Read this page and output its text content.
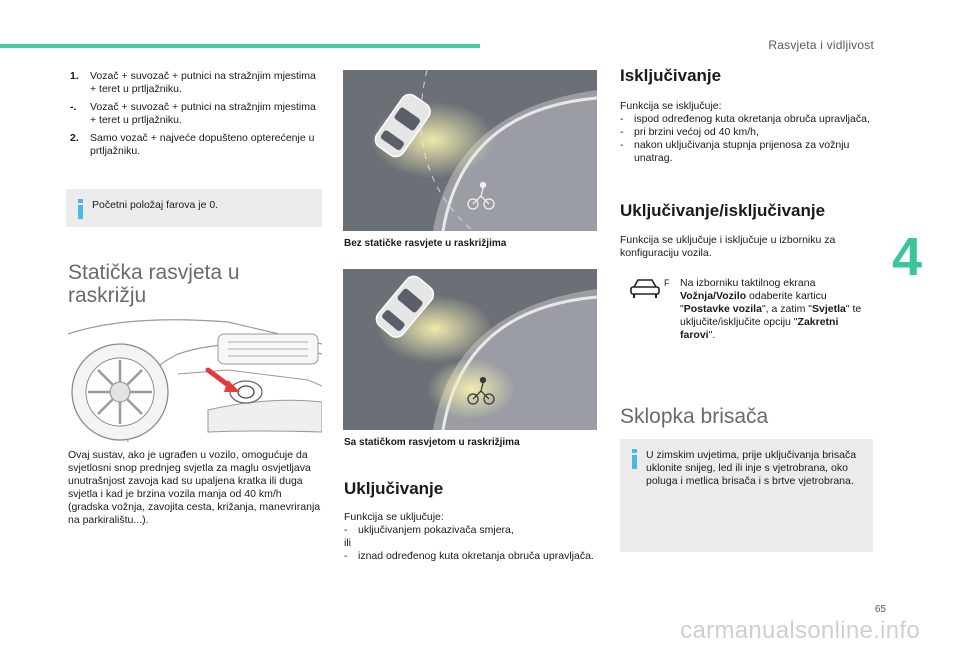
Rasvjeta i vidljivost
4
1. Vozač + suvozač + putnici na stražnjim mjestima + teret u prtljažniku.
-. Vozač + suvozač + putnici na stražnjim mjestima + teret u prtljažniku.
2. Samo vozač + najveće dopušteno opterećenje u prtljažniku.
Početni položaj farova je 0.
Statička rasvjeta u raskrižju
Ovaj sustav, ako je ugrađen u vozilo, omogućuje da svjetlosni snop prednjeg svjetla za maglu osvjetljava unutrašnjost zavoja kad su upaljena kratka ili duga svjetla i kad je brzina vozila manja od 40 km/h (gradska vožnja, zavojita cesta, križanja, manevriranja na parkiralištu...).
Bez statičke rasvjete u raskrižjima
Sa statičkom rasvjetom u raskrižjima
Uključivanje
Funkcija se uključuje:
- uključivanjem pokazivača smjera,
ili
- iznad određenog kuta okretanja obruča upravljača.
Isključivanje
Funkcija se isključuje:
- ispod određenog kuta okretanja obruča upravljača,
- pri brzini većoj od 40 km/h,
- nakon uključivanja stupnja prijenosa za vožnju unatrag.
Uključivanje/isključivanje
Funkcija se uključuje i isključuje u izborniku za konfiguraciju vozila.
F Na izborniku taktilnog ekrana Vožnja/Vozilo odaberite karticu "Postavke vozila", a zatim "Svjetla" te uključite/isključite opciju "Zakretni farovi".
Sklopka brisača
U zimskim uvjetima, prije uključivanja brisača uklonite snijeg, led ili inje s vjetrobrana, oko poluga i metlica brisača i s brtve vjetrobrana.
65
carmanualsonline.info
